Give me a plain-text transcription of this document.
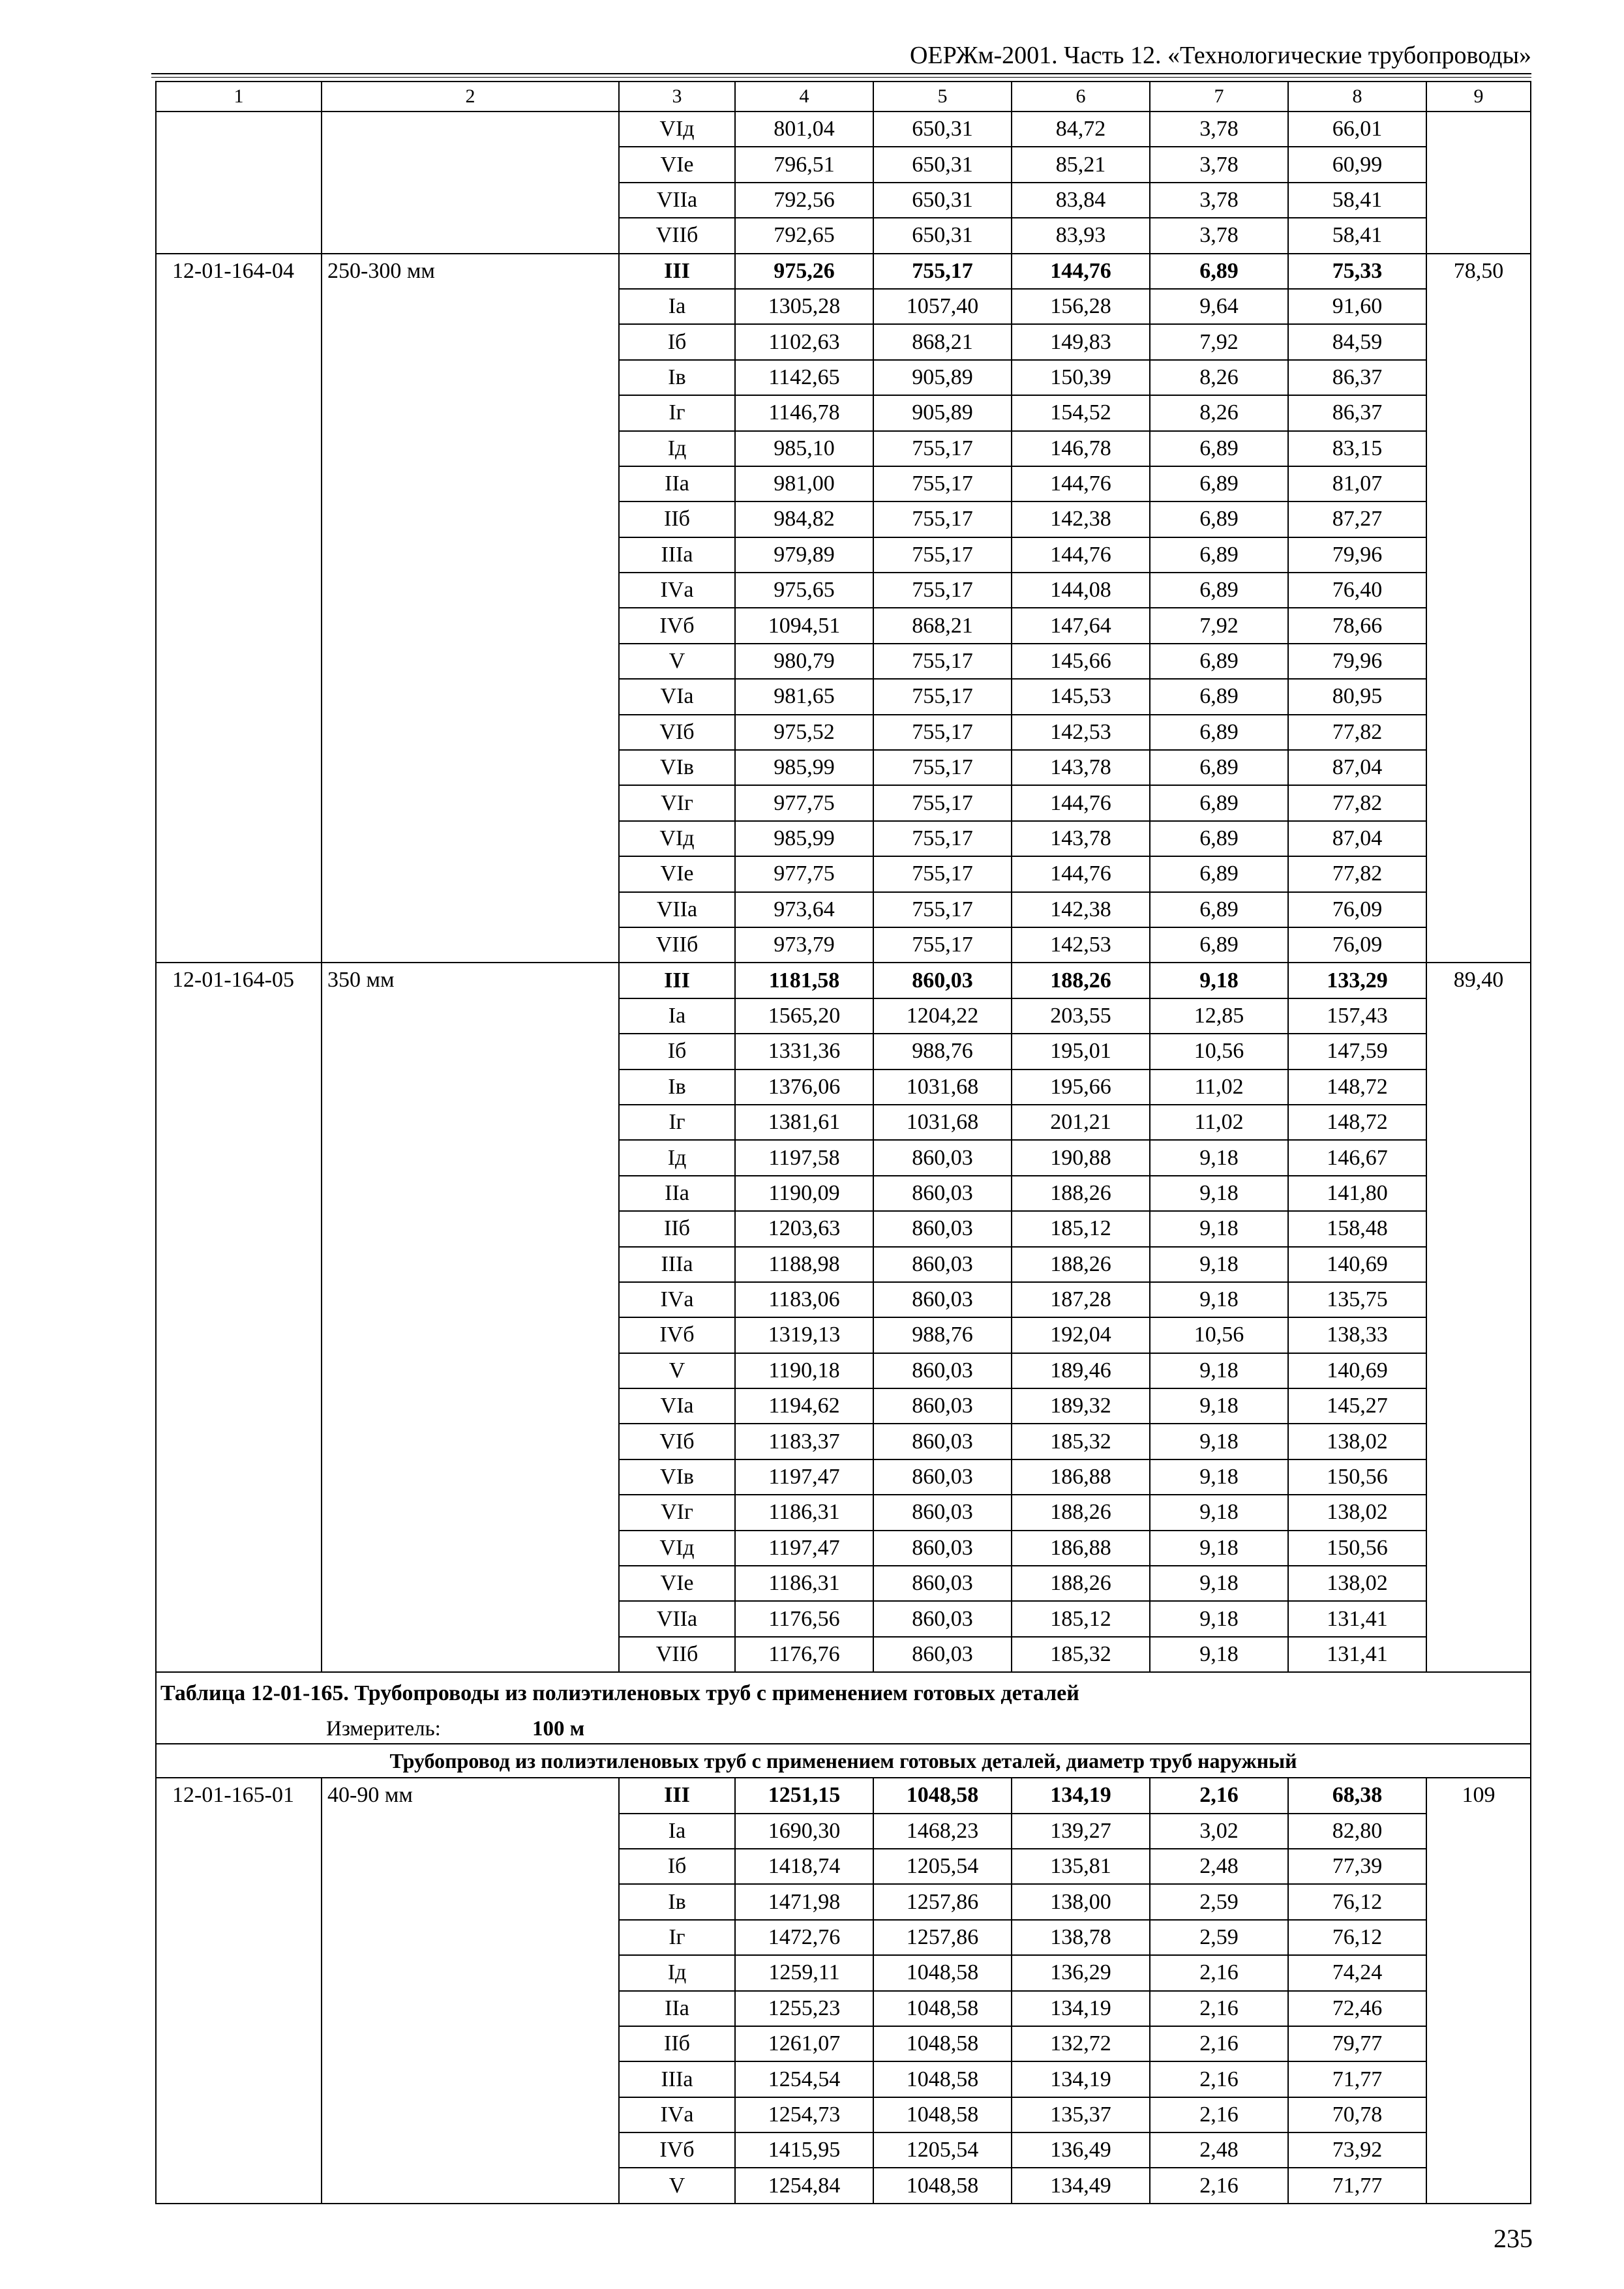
ОЕРЖм-2001. Часть 12. «Технологические трубопроводы»
1	2	3	4	5	6	7	8	9
		VIд	801,04	650,31	84,72	3,78	66,01	
		VIе	796,51	650,31	85,21	3,78	60,99	
		VIIа	792,56	650,31	83,84	3,78	58,41	
		VIIб	792,65	650,31	83,93	3,78	58,41	
12-01-164-04	250-300 мм	III	975,26	755,17	144,76	6,89	75,33	78,50
		Iа	1305,28	1057,40	156,28	9,64	91,60	
		Iб	1102,63	868,21	149,83	7,92	84,59	
		Iв	1142,65	905,89	150,39	8,26	86,37	
		Iг	1146,78	905,89	154,52	8,26	86,37	
		Iд	985,10	755,17	146,78	6,89	83,15	
		IIа	981,00	755,17	144,76	6,89	81,07	
		IIб	984,82	755,17	142,38	6,89	87,27	
		IIIа	979,89	755,17	144,76	6,89	79,96	
		IVа	975,65	755,17	144,08	6,89	76,40	
		IVб	1094,51	868,21	147,64	7,92	78,66	
		V	980,79	755,17	145,66	6,89	79,96	
		VIа	981,65	755,17	145,53	6,89	80,95	
		VIб	975,52	755,17	142,53	6,89	77,82	
		VIв	985,99	755,17	143,78	6,89	87,04	
		VIг	977,75	755,17	144,76	6,89	77,82	
		VIд	985,99	755,17	143,78	6,89	87,04	
		VIе	977,75	755,17	144,76	6,89	77,82	
		VIIа	973,64	755,17	142,38	6,89	76,09	
		VIIб	973,79	755,17	142,53	6,89	76,09	
12-01-164-05	350 мм	III	1181,58	860,03	188,26	9,18	133,29	89,40
		Iа	1565,20	1204,22	203,55	12,85	157,43	
		Iб	1331,36	988,76	195,01	10,56	147,59	
		Iв	1376,06	1031,68	195,66	11,02	148,72	
		Iг	1381,61	1031,68	201,21	11,02	148,72	
		Iд	1197,58	860,03	190,88	9,18	146,67	
		IIа	1190,09	860,03	188,26	9,18	141,80	
		IIб	1203,63	860,03	185,12	9,18	158,48	
		IIIа	1188,98	860,03	188,26	9,18	140,69	
		IVа	1183,06	860,03	187,28	9,18	135,75	
		IVб	1319,13	988,76	192,04	10,56	138,33	
		V	1190,18	860,03	189,46	9,18	140,69	
		VIа	1194,62	860,03	189,32	9,18	145,27	
		VIб	1183,37	860,03	185,32	9,18	138,02	
		VIв	1197,47	860,03	186,88	9,18	150,56	
		VIг	1186,31	860,03	188,26	9,18	138,02	
		VIд	1197,47	860,03	186,88	9,18	150,56	
		VIе	1186,31	860,03	188,26	9,18	138,02	
		VIIа	1176,56	860,03	185,12	9,18	131,41	
		VIIб	1176,76	860,03	185,32	9,18	131,41	
Таблица 12-01-165. Трубопроводы из полиэтиленовых труб с применением готовых деталей								
Измеритель: 100 м								
Трубопровод из полиэтиленовых труб с применением готовых деталей, диаметр труб наружный								
12-01-165-01	40-90 мм	III	1251,15	1048,58	134,19	2,16	68,38	109
		Iа	1690,30	1468,23	139,27	3,02	82,80	
		Iб	1418,74	1205,54	135,81	2,48	77,39	
		Iв	1471,98	1257,86	138,00	2,59	76,12	
		Iг	1472,76	1257,86	138,78	2,59	76,12	
		Iд	1259,11	1048,58	136,29	2,16	74,24	
		IIа	1255,23	1048,58	134,19	2,16	72,46	
		IIб	1261,07	1048,58	132,72	2,16	79,77	
		IIIа	1254,54	1048,58	134,19	2,16	71,77	
		IVа	1254,73	1048,58	135,37	2,16	70,78	
		IVб	1415,95	1205,54	136,49	2,48	73,92	
		V	1254,84	1048,58	134,49	2,16	71,77	
235
